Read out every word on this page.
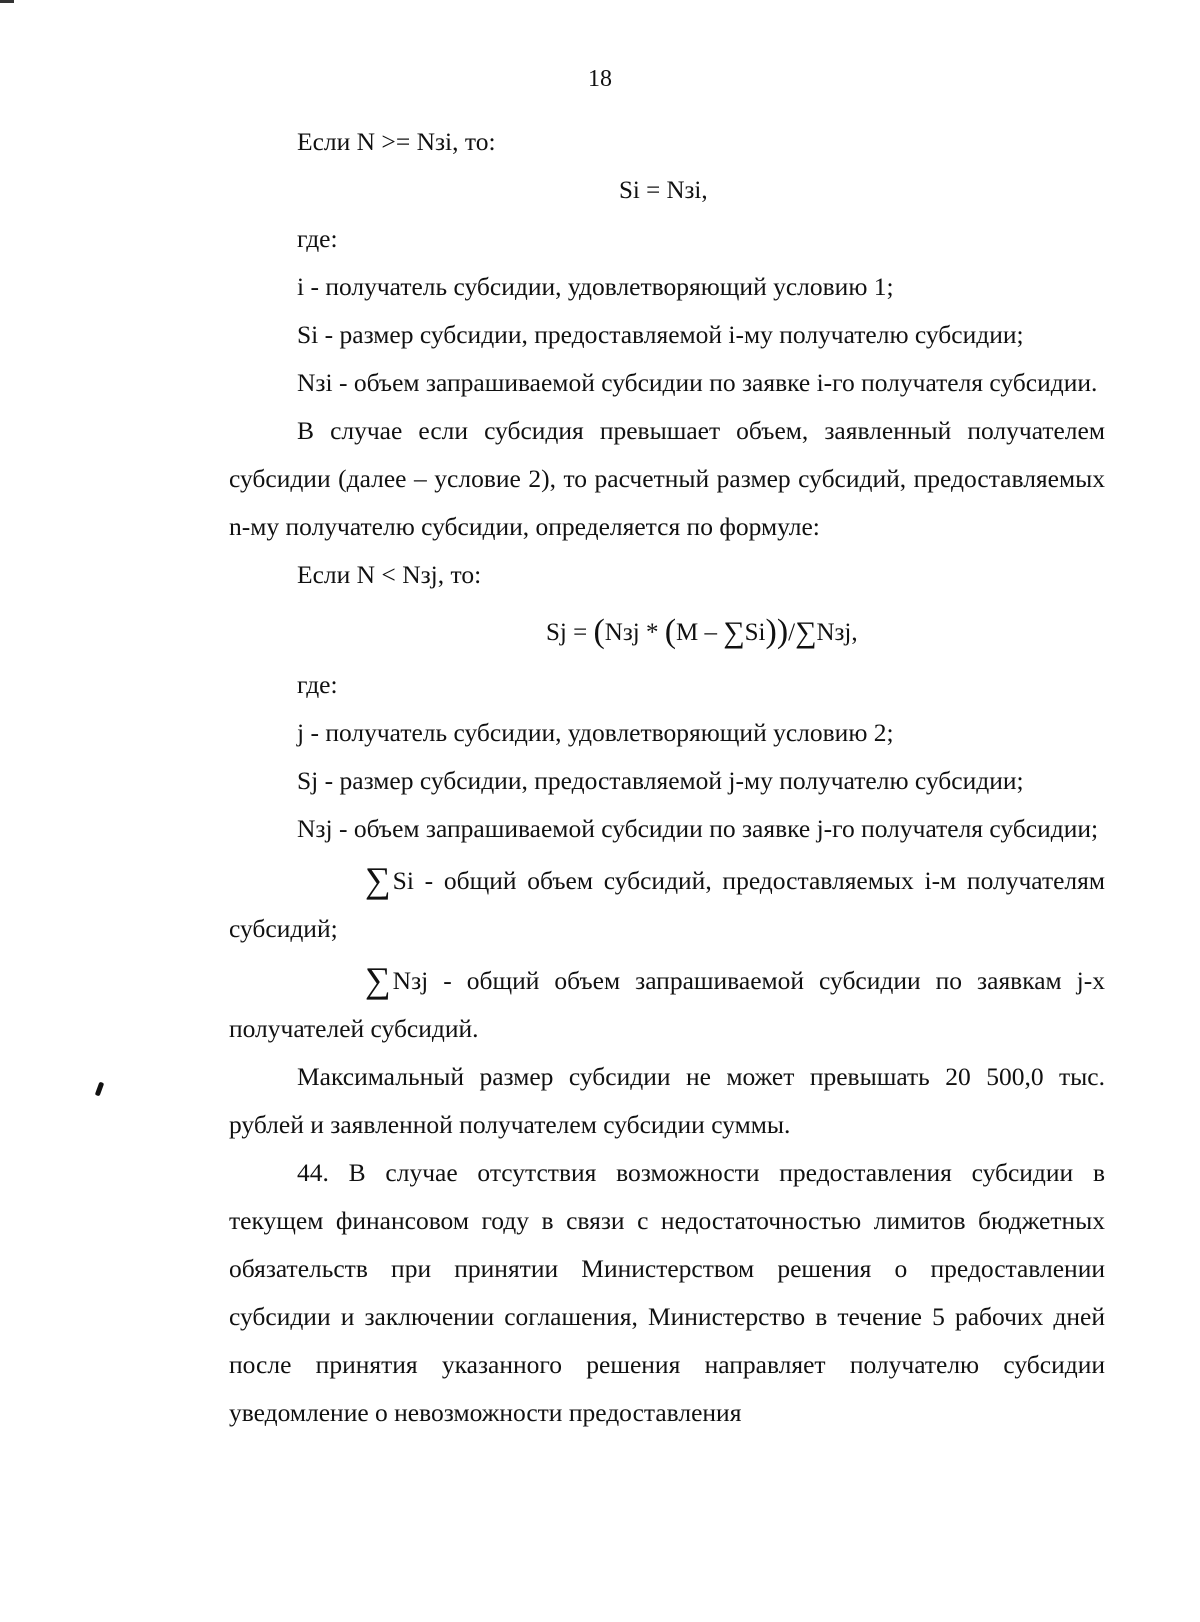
18

Если N >= Nзi, то:

Si = Nзi,

где:

i - получатель субсидии, удовлетворяющий условию 1;

Si - размер субсидии, предоставляемой i-му получателю субсидии;

Nзi - объем запрашиваемой субсидии по заявке i-го получателя субсидии.

В случае если субсидия превышает объем, заявленный получателем субсидии (далее – условие 2), то расчетный размер субсидий, предоставляемых n-му получателю субсидии, определяется по формуле:

Если N < Nзj, то:

Sj = (Nзj * (M – ∑Si))/∑Nзj,

где:

j - получатель субсидии, удовлетворяющий условию 2;

Sj - размер субсидии, предоставляемой j-му получателю субсидии;

Nзj - объем запрашиваемой субсидии по заявке j-го получателя субсидии;

∑Si - общий объем субсидий, предоставляемых i-м получателям субсидий;

∑Nзj - общий объем запрашиваемой субсидии по заявкам j-х получателей субсидий.

Максимальный размер субсидии не может превышать 20 500,0 тыс. рублей и заявленной получателем субсидии суммы.

44. В случае отсутствия возможности предоставления субсидии в текущем финансовом году в связи с недостаточностью лимитов бюджетных обязательств при принятии Министерством решения о предоставлении субсидии и заключении соглашения, Министерство в течение 5 рабочих дней после принятия указанного решения направляет получателю субсидии уведомление о невозможности предоставления
